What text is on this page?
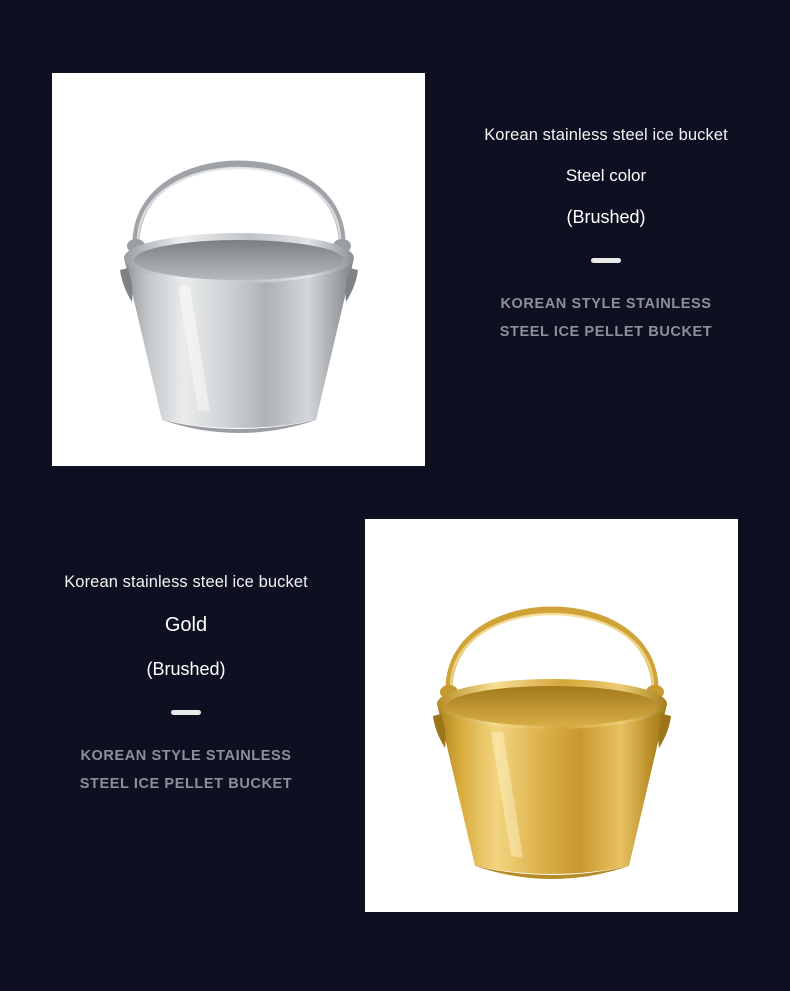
Korean stainless steel ice bucket
Steel color
(Brushed)
KOREAN STYLE STAINLESS
STEEL ICE PELLET BUCKET
Korean stainless steel ice bucket
Gold
(Brushed)
KOREAN STYLE STAINLESS
STEEL ICE PELLET BUCKET
